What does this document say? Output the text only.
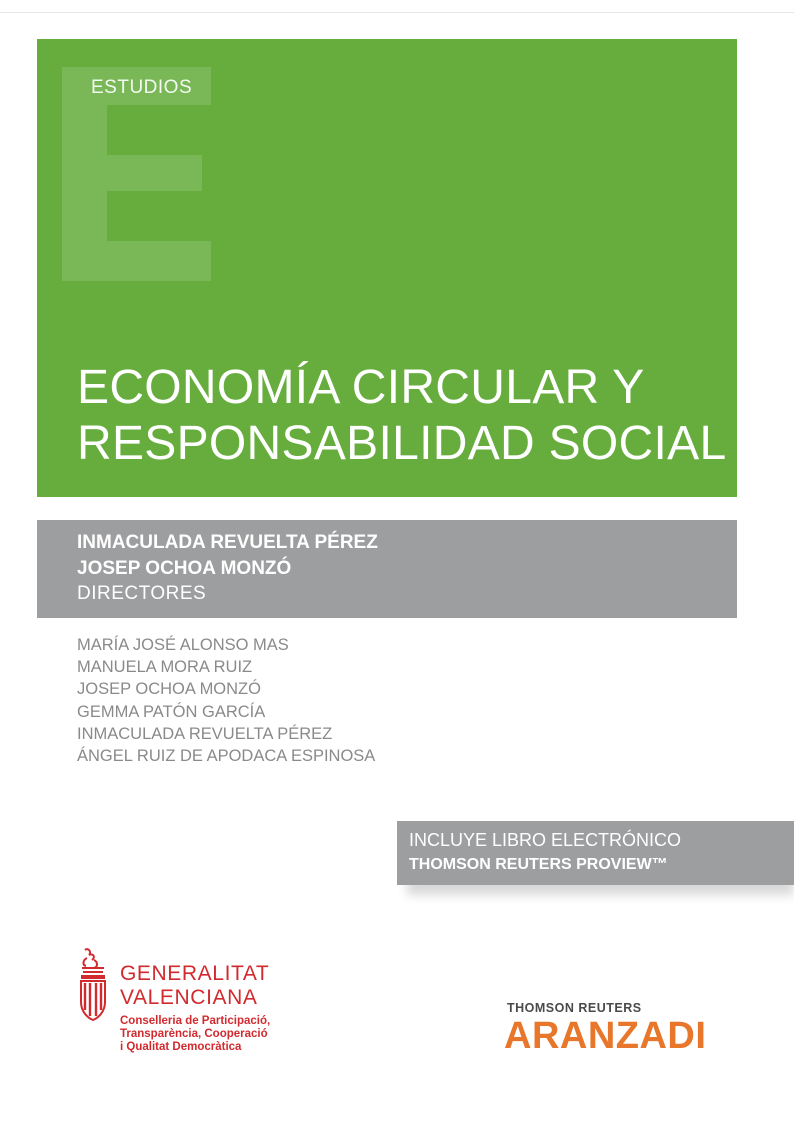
ESTUDIOS
ECONOMÍA CIRCULAR Y
RESPONSABILIDAD SOCIAL
INMACULADA REVUELTA PÉREZ
JOSEP OCHOA MONZÓ
DIRECTORES
MARÍA JOSÉ ALONSO MAS
MANUELA MORA RUIZ
JOSEP OCHOA MONZÓ
GEMMA PATÓN GARCÍA
INMACULADA REVUELTA PÉREZ
ÁNGEL RUIZ DE APODACA ESPINOSA
INCLUYE LIBRO ELECTRÓNICO
THOMSON REUTERS PROVIEW™
GENERALITAT
VALENCIANA
Conselleria de Participació,
Transparència, Cooperació
i Qualitat Democràtica
THOMSON REUTERS
ARANZADI
